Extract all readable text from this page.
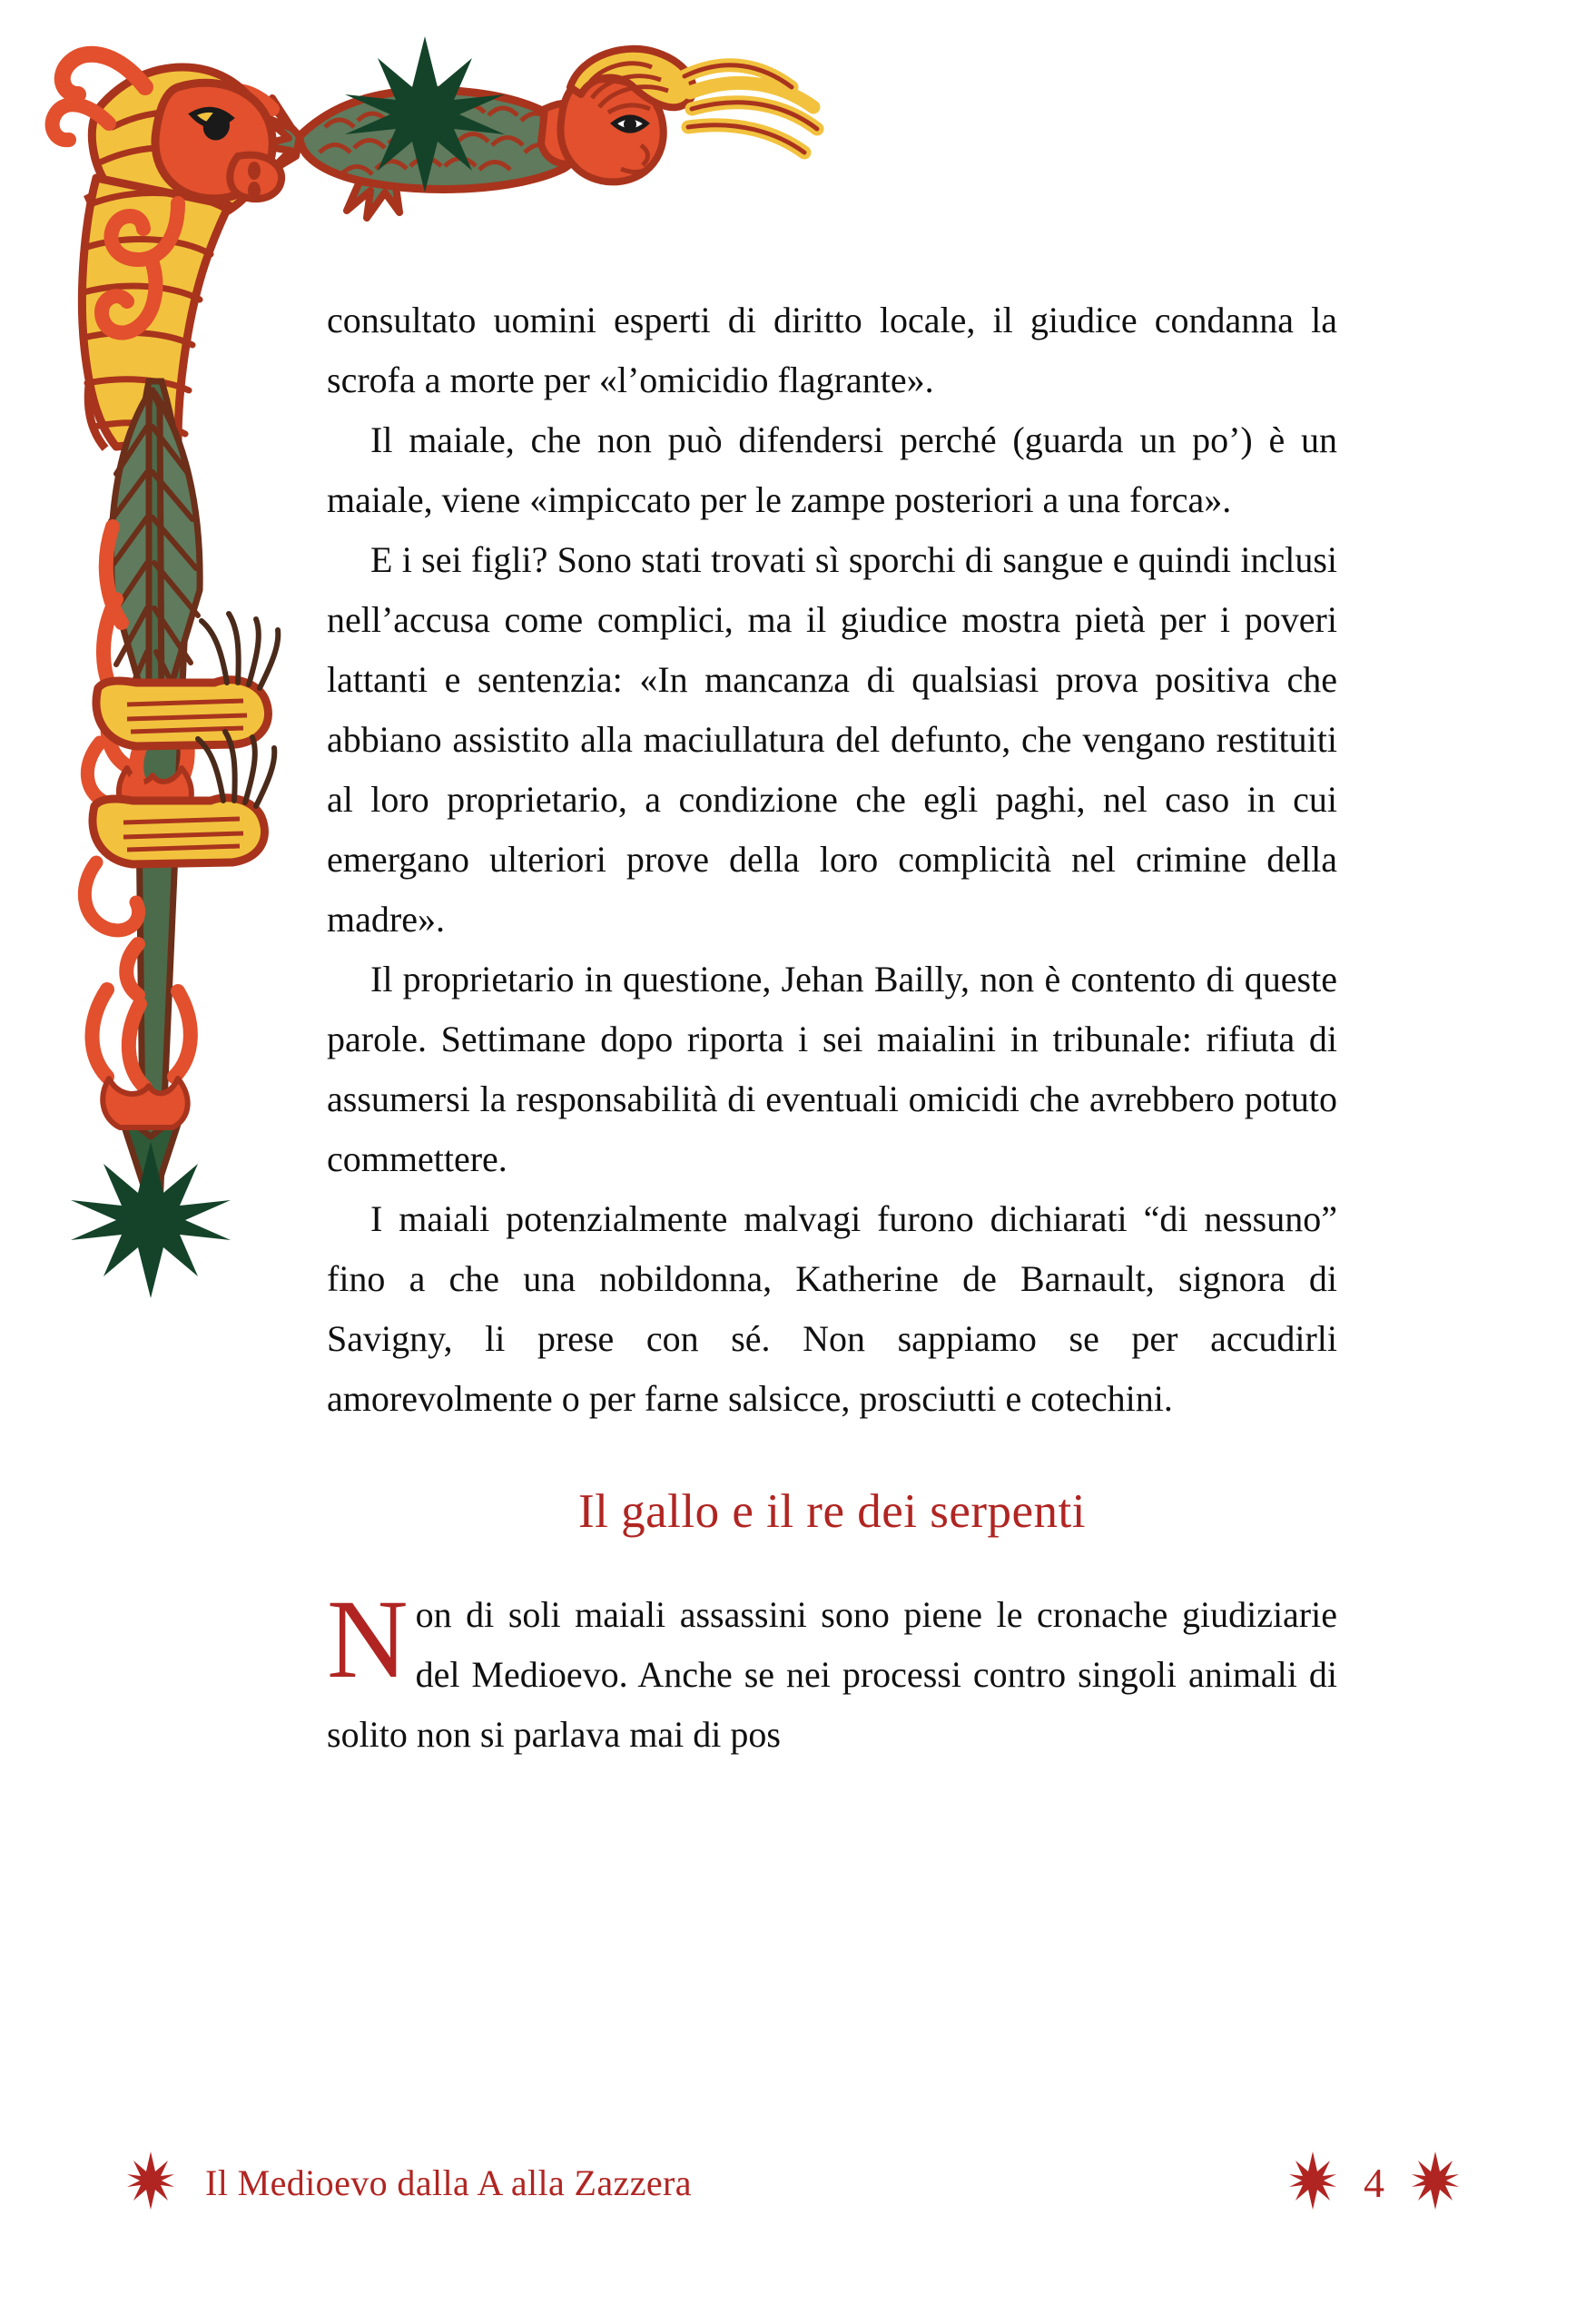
consultato uomini esperti di diritto locale, il giudice condanna la scrofa a morte per «l’omicidio flagrante».

Il maiale, che non può difendersi perché (guarda un po’) è un maiale, viene «impiccato per le zampe posteriori a una forca».

E i sei figli? Sono stati trovati sì sporchi di sangue e quindi inclusi nell’accusa come complici, ma il giudice mostra pietà per i poveri lattanti e sentenzia: «In mancanza di qualsiasi prova positiva che abbiano assistito alla maciullatura del defunto, che vengano restituiti al loro proprietario, a condizione che egli paghi, nel caso in cui emergano ulteriori prove della loro complicità nel crimine della madre».

Il proprietario in questione, Jehan Bailly, non è contento di queste parole. Settimane dopo riporta i sei maialini in tribunale: rifiuta di assumersi la responsabilità di eventuali omicidi che avrebbero potuto commettere.

I maiali potenzialmente malvagi furono dichiarati “di nessuno” fino a che una nobildonna, Katherine de Barnault, signora di Savigny, li prese con sé. Non sappiamo se per accudirli amorevolmente o per farne salsicce, prosciutti e cotechini.

Il gallo e il re dei serpenti

Non di soli maiali assassini sono piene le cronache giudiziarie del Medioevo. Anche se nei processi contro singoli animali di solito non si parlava mai di pos

Il Medioevo dalla A alla Zazzera	4
